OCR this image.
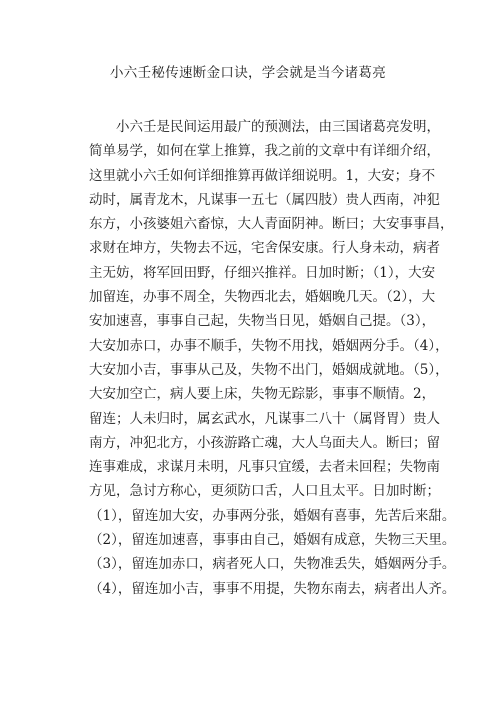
小六壬秘传速断金口诀，学会就是当今诸葛亮
小六壬是民间运用最广的预测法，由三国诸葛亮发明，
简单易学，如何在掌上推算，我之前的文章中有详细介绍，
这里就小六壬如何详细推算再做详细说明。1，大安；身不
动时，属青龙木，凡谋事一五七（属四肢）贵人西南，冲犯
东方，小孩婆姐六畜惊，大人青面阴神。断曰；大安事事昌，
求财在坤方，失物去不远，宅舍保安康。行人身未动，病者
主无妨，将军回田野，仔细兴推祥。日加时断；（1），大安
加留连，办事不周全，失物西北去，婚姻晚几天。（2），大
安加速喜，事事自己起，失物当日见，婚姻自己提。（3），
大安加赤口，办事不顺手，失物不用找，婚姻两分手。（4），
大安加小吉，事事从己及，失物不出门，婚姻成就地。（5），
大安加空亡，病人要上床，失物无踪影，事事不顺情。2，
留连；人未归时，属玄武水，凡谋事二八十（属肾胃）贵人
南方，冲犯北方，小孩游路亡魂，大人乌面夫人。断曰；留
连事难成，求谋月未明，凡事只宜缓，去者未回程；失物南
方见，急讨方称心，更须防口舌，人口且太平。日加时断；
（1），留连加大安，办事两分张，婚姻有喜事，先苦后来甜。
（2），留连加速喜，事事由自己，婚姻有成意，失物三天里。
（3），留连加赤口，病者死人口，失物准丢失，婚姻两分手。
（4），留连加小吉，事事不用提，失物东南去，病者出人齐。
